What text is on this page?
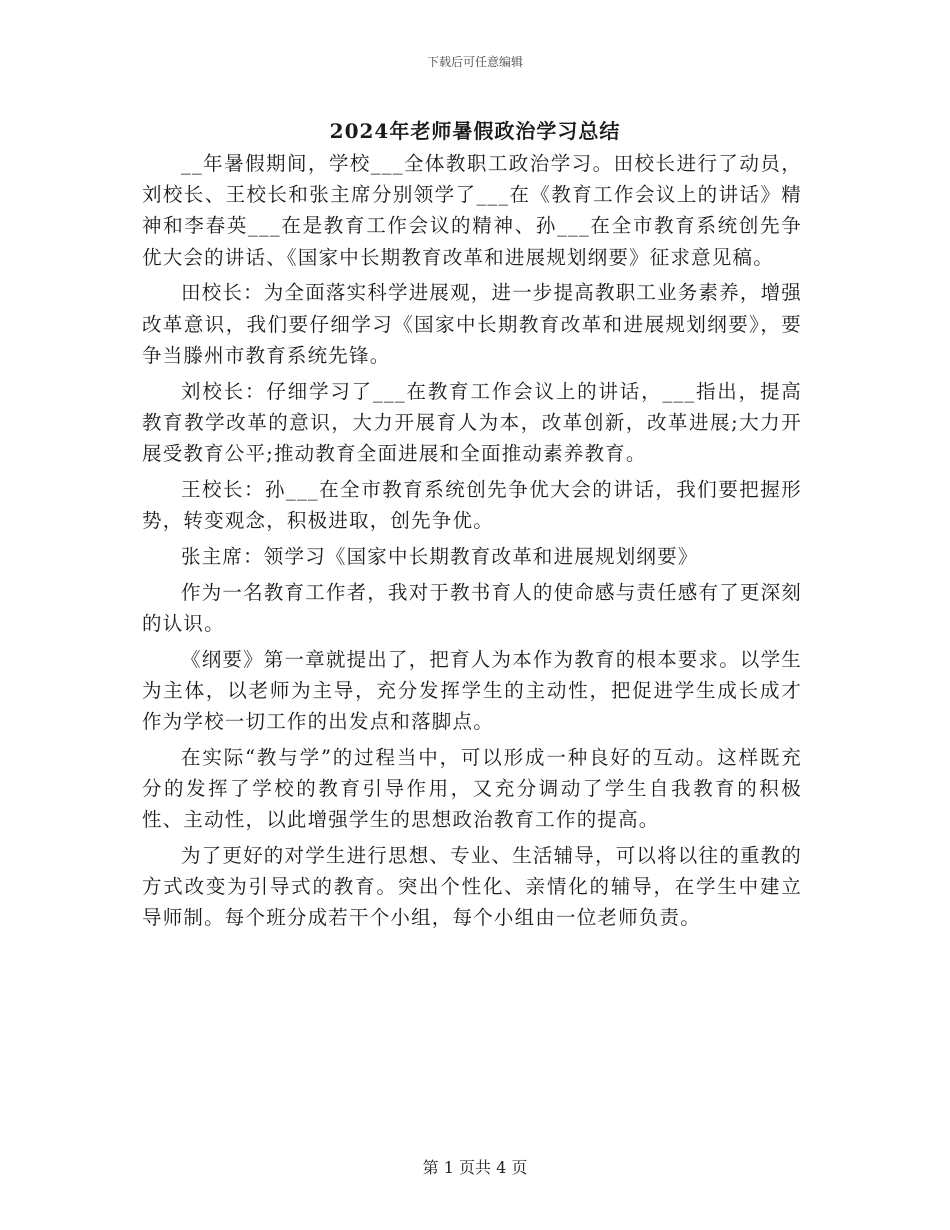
下载后可任意编辑
2024年老师暑假政治学习总结

__年暑假期间，学校___全体教职工政治学习。田校长进行了动员，刘校长、王校长和张主席分别领学了___在《教育工作会议上的讲话》精神和李春英___在是教育工作会议的精神、孙___在全市教育系统创先争优大会的讲话、《国家中长期教育改革和进展规划纲要》征求意见稿。

田校长：为全面落实科学进展观，进一步提高教职工业务素养，增强改革意识，我们要仔细学习《国家中长期教育改革和进展规划纲要》，要争当滕州市教育系统先锋。

刘校长：仔细学习了___在教育工作会议上的讲话，___指出，提高教育教学改革的意识，大力开展育人为本，改革创新，改革进展;大力开展受教育公平;推动教育全面进展和全面推动素养教育。

王校长：孙___在全市教育系统创先争优大会的讲话，我们要把握形势，转变观念，积极进取，创先争优。

张主席：领学习《国家中长期教育改革和进展规划纲要》

作为一名教育工作者，我对于教书育人的使命感与责任感有了更深刻的认识。

《纲要》第一章就提出了，把育人为本作为教育的根本要求。以学生为主体，以老师为主导，充分发挥学生的主动性，把促进学生成长成才作为学校一切工作的出发点和落脚点。

在实际“教与学”的过程当中，可以形成一种良好的互动。这样既充分的发挥了学校的教育引导作用，又充分调动了学生自我教育的积极性、主动性，以此增强学生的思想政治教育工作的提高。

为了更好的对学生进行思想、专业、生活辅导，可以将以往的重教的方式改变为引导式的教育。突出个性化、亲情化的辅导，在学生中建立导师制。每个班分成若干个小组，每个小组由一位老师负责。

第 1 页共 4 页
